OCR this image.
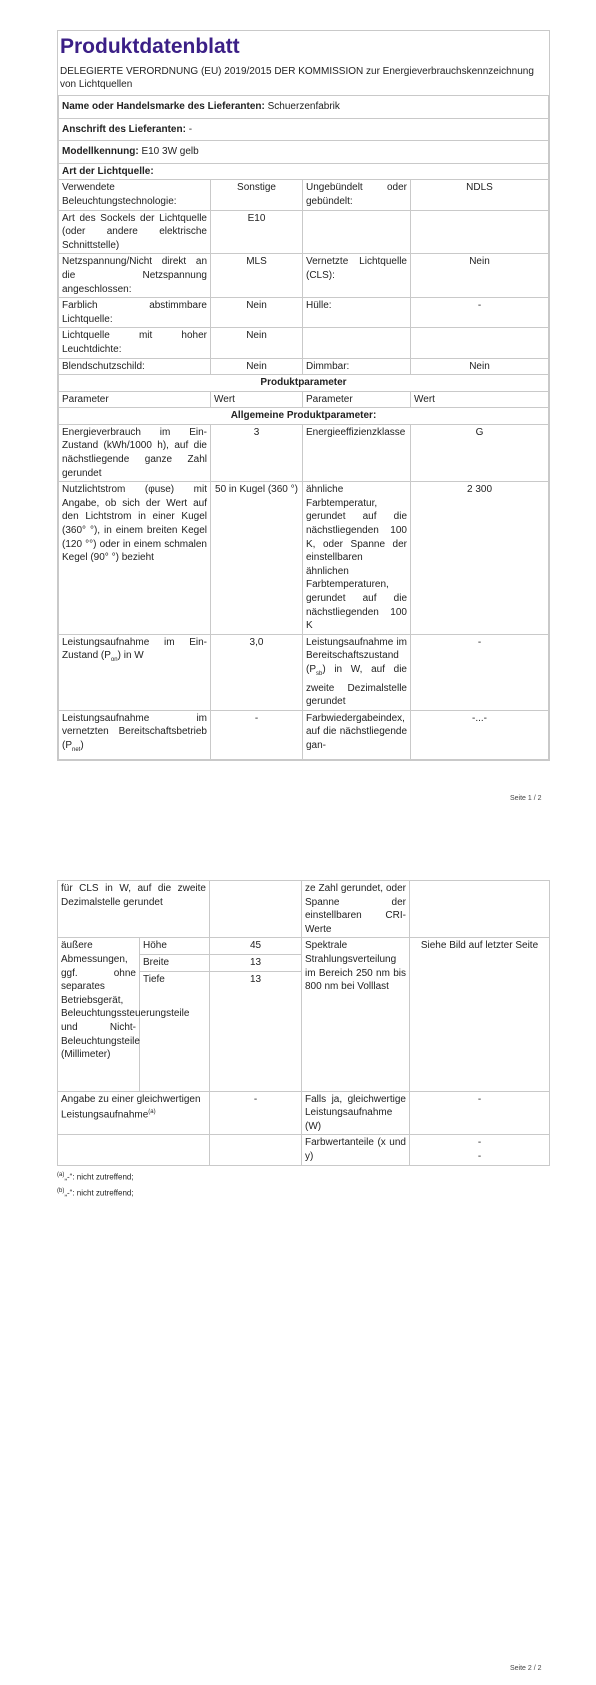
Produktdatenblatt
DELEGIERTE VERORDNUNG (EU) 2019/2015 DER KOMMISSION zur Energieverbrauchskennzeichnung von Lichtquellen
Name oder Handelsmarke des Lieferanten: Schuerzenfabrik			
Anschrift des Lieferanten: -			
Modellkennung: E10 3W gelb			
Art der Lichtquelle:			
Verwendete Beleuchtungstechnologie:	Sonstige	Ungebündelt oder gebündelt:	NDLS
Art des Sockels der Lichtquelle (oder andere elektrische Schnittstelle)	E10		
Netzspannung/Nicht direkt an die Netzspannung angeschlossen:	MLS	Vernetzte Lichtquelle (CLS):	Nein
Farblich abstimmbare Lichtquelle:	Nein	Hülle:	-
Lichtquelle mit hoher Leuchtdichte:	Nein		
Blendschutzschild:	Nein	Dimmbar:	Nein
Produktparameter			
Parameter	Wert	Parameter	Wert
Allgemeine Produktparameter:			
Energieverbrauch im Ein-Zustand (kWh/1000 h), auf die nächstliegende ganze Zahl gerundet	3	Energieeffizienzklasse	G
Nutzlichtstrom (φuse) mit Angabe, ob sich der Wert auf den Lichtstrom in einer Kugel (360° °), in einem breiten Kegel (120 °°) oder in einem schmalen Kegel (90° °) bezieht	50 in Kugel (360 °)	ähnliche Farbtemperatur, gerundet auf die nächstliegenden 100 K, oder Spanne der einstellbaren ähnlichen Farbtemperaturen, gerundet auf die nächstliegenden 100 K	2 300
Leistungsaufnahme im Ein-Zustand $(P_{on})$ in W	3,0	Leistungsaufnahme im Bereitschaftszustand $(P_{sb})$ in W, auf die zweite Dezimalstelle gerundet	-
Leistungsaufnahme im vernetzten Bereitschaftsbetrieb $(P_{net})$	-	Farbwiedergabeindex, auf die nächstliegende gan-	-...-
Seite 1 / 2
für CLS in W, auf die zweite Dezimalstelle gerundet			ze Zahl gerundet, oder Spanne der einstellbaren CRI-Werte	
äußere Abmessungen, ggf. ohne separates Betriebsgerät, Beleuchtungssteuerungsteile und Nicht-Beleuchtungsteile (Millimeter)	Höhe	45	Spektrale Strahlungsverteilung im Bereich 250 nm bis 800 nm bei Volllast	Siehe Bild auf letzter Seite
	Breite	13		
	Tiefe	13		
Angabe zu einer gleichwertigen Leistungsaufnahme$^{(a)}$		-	Falls ja, gleichwertige Leistungsaufnahme (W)	-
			Farbwertanteile (x und y)	-
-
$^{(a)}$„-“: nicht zutreffend;
$^{(b)}$„-“: nicht zutreffend;
Seite 2 / 2
